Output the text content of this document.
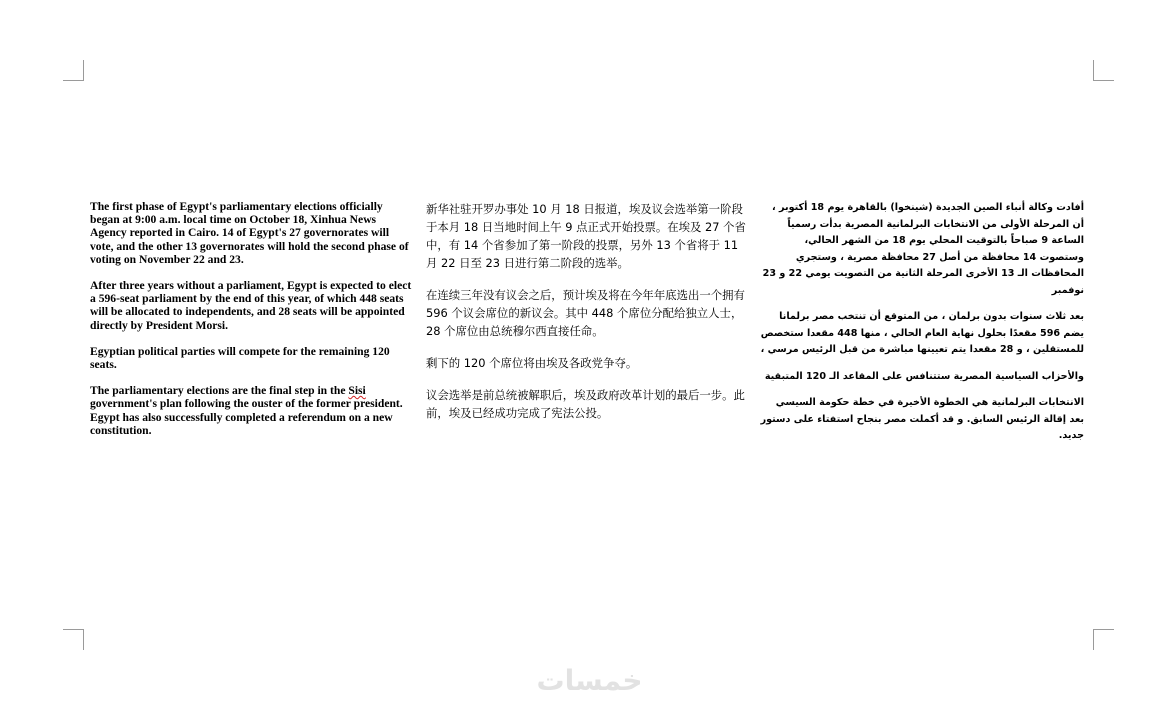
The first phase of Egypt's parliamentary elections officially began at 9:00 a.m. local time on October 18, Xinhua News Agency reported in Cairo. 14 of Egypt's 27 governorates will vote, and the other 13 governorates will hold the second phase of voting on November 22 and 23.

After three years without a parliament, Egypt is expected to elect a 596-seat parliament by the end of this year, of which 448 seats will be allocated to independents, and 28 seats will be appointed directly by President Morsi.

Egyptian political parties will compete for the remaining 120 seats.

The parliamentary elections are the final step in the Sisi government's plan following the ouster of the former president. Egypt has also successfully completed a referendum on a new constitution.

新华社驻开罗办事处 10 月 18 日报道，埃及议会选举第一阶段于本月 18 日当地时间上午 9 点正式开始投票。在埃及 27 个省中，有 14 个省参加了第一阶段的投票，另外 13 个省将于 11 月 22 日至 23 日进行第二阶段的选举。

在连续三年没有议会之后，预计埃及将在今年年底选出一个拥有 596 个议会席位的新议会。其中 448 个席位分配给独立人士，28 个席位由总统穆尔西直接任命。

剩下的 120 个席位将由埃及各政党争夺。

议会选举是前总统被解职后，埃及政府改革计划的最后一步。此前，埃及已经成功完成了宪法公投。

أفادت وكالة أنباء الصين الجديدة (شينخوا) بالقاهرة يوم 18 أكتوبر ، أن المرحلة الأولى من الانتخابات البرلمانية المصرية بدأت رسمياً الساعة 9 صباحاً بالتوقيت المحلي يوم 18 من الشهر الحالي، وستصوت 14 محافظة من أصل 27 محافظة مصرية ، وستجري المحافظات الـ 13 الأخرى المرحلة الثانية من التصويت يومي 22 و 23 نوفمبر

بعد ثلاث سنوات بدون برلمان ، من المتوقع أن تنتخب مصر برلمانا يضم 596 مقعدًا بحلول نهاية العام الحالي ، منها 448 مقعدا ستخصص للمستقلين ، و 28 مقعدا يتم تعيينها مباشرة من قبل الرئيس مرسي ،

والأحزاب السياسية المصرية ستتنافس على المقاعد الـ 120 المتبقية

الانتخابات البرلمانية هي الخطوة الأخيرة في خطة حكومة السيسي بعد إقالة الرئيس السابق. و قد أكملت مصر بنجاح استفتاء على دستور جديد.

خمسات
